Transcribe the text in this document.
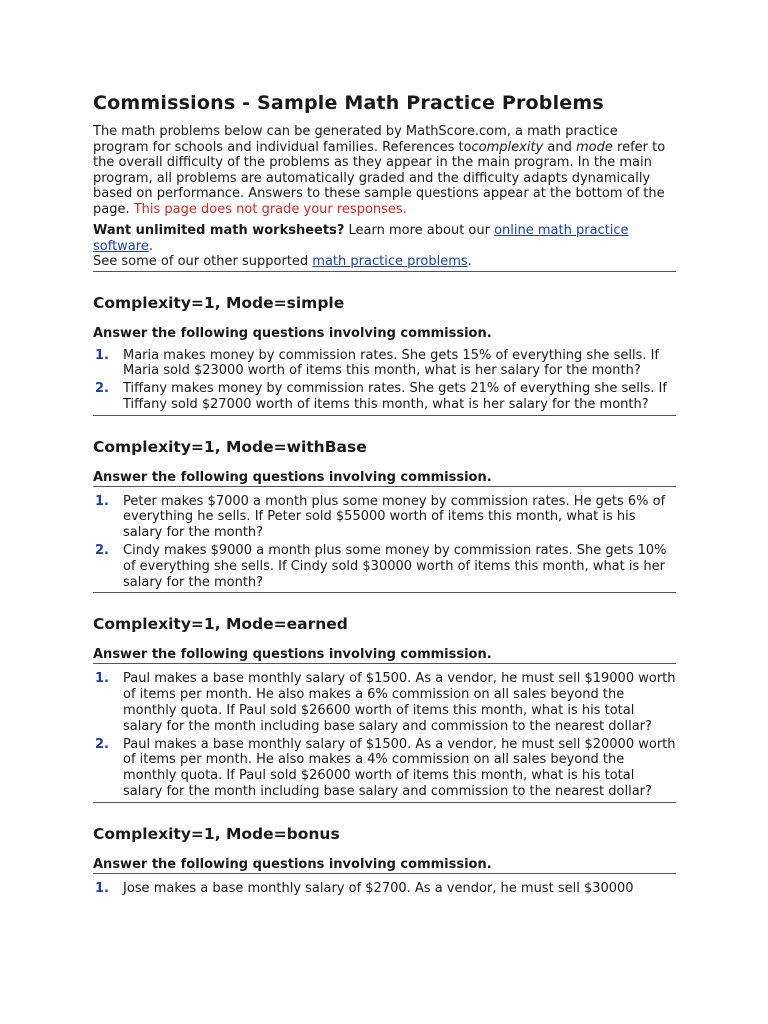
Commissions - Sample Math Practice Problems

The math problems below can be generated by MathScore.com, a math practice program for schools and individual families. References tocomplexity and mode refer to the overall difficulty of the problems as they appear in the main program. In the main program, all problems are automatically graded and the difficulty adapts dynamically based on performance. Answers to these sample questions appear at the bottom of the page. This page does not grade your responses.

Want unlimited math worksheets? Learn more about our online math practice software.
See some of our other supported math practice problems.
Complexity=1, Mode=simple
Answer the following questions involving commission.
1. Maria makes money by commission rates. She gets 15% of everything she sells. If Maria sold $23000 worth of items this month, what is her salary for the month?
2. Tiffany makes money by commission rates. She gets 21% of everything she sells. If Tiffany sold $27000 worth of items this month, what is her salary for the month?
Complexity=1, Mode=withBase
Answer the following questions involving commission.
1. Peter makes $7000 a month plus some money by commission rates. He gets 6% of everything he sells. If Peter sold $55000 worth of items this month, what is his salary for the month?
2. Cindy makes $9000 a month plus some money by commission rates. She gets 10% of everything she sells. If Cindy sold $30000 worth of items this month, what is her salary for the month?
Complexity=1, Mode=earned
Answer the following questions involving commission.
1. Paul makes a base monthly salary of $1500. As a vendor, he must sell $19000 worth of items per month. He also makes a 6% commission on all sales beyond the monthly quota. If Paul sold $26600 worth of items this month, what is his total salary for the month including base salary and commission to the nearest dollar?
2. Paul makes a base monthly salary of $1500. As a vendor, he must sell $20000 worth of items per month. He also makes a 4% commission on all sales beyond the monthly quota. If Paul sold $26000 worth of items this month, what is his total salary for the month including base salary and commission to the nearest dollar?
Complexity=1, Mode=bonus
Answer the following questions involving commission.
1. Jose makes a base monthly salary of $2700. As a vendor, he must sell $30000
